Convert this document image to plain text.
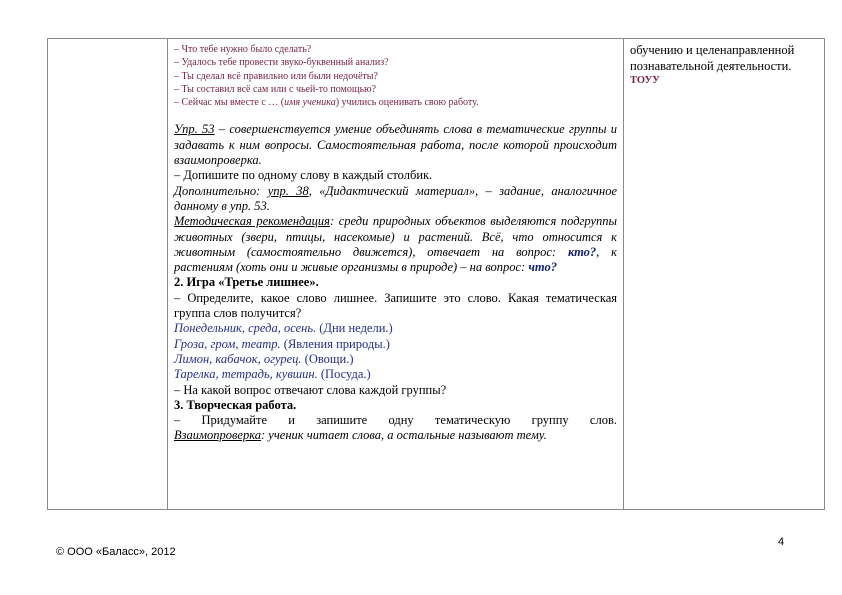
– Что тебе нужно было сделать?
– Удалось тебе провести звуко-буквенный анализ?
– Ты сделал всё правильно или были недочёты?
– Ты составил всё сам или с чьей-то помощью?
– Сейчас мы вместе с … (имя ученика) учились оценивать свою работу.
Упр. 53 – совершенствуется умение объединять слова в тематические группы и задавать к ним вопросы. Самостоятельная работа, после которой происходит взаимопроверка.
– Допишите по одному слову в каждый столбик.
Дополнительно: упр. 38, «Дидактический материал», – задание, аналогичное данному в упр. 53.
Методическая рекомендация: среди природных объектов выделяются подгруппы животных (звери, птицы, насекомые) и растений. Всё, что относится к животным (самостоятельно движется), отвечает на вопрос: кто?, к растениям (хоть они и живые организмы в природе) – на вопрос: что?
2. Игра «Третье лишнее».
– Определите, какое слово лишнее. Запишите это слово. Какая тематическая группа слов получится?
Понедельник, среда, осень. (Дни недели.)
Гроза, гром, театр. (Явления природы.)
Лимон, кабачок, огурец. (Овощи.)
Тарелка, тетрадь, кувшин. (Посуда.)
– На какой вопрос отвечают слова каждой группы?
3. Творческая работа.
– Придумайте и запишите одну тематическую группу слов.
Взаимопроверка: ученик читает слова, а остальные называют тему.
обучению и целенаправленной познавательной деятельности.
ТОУУ
4
© ООО «Баласс», 2012
